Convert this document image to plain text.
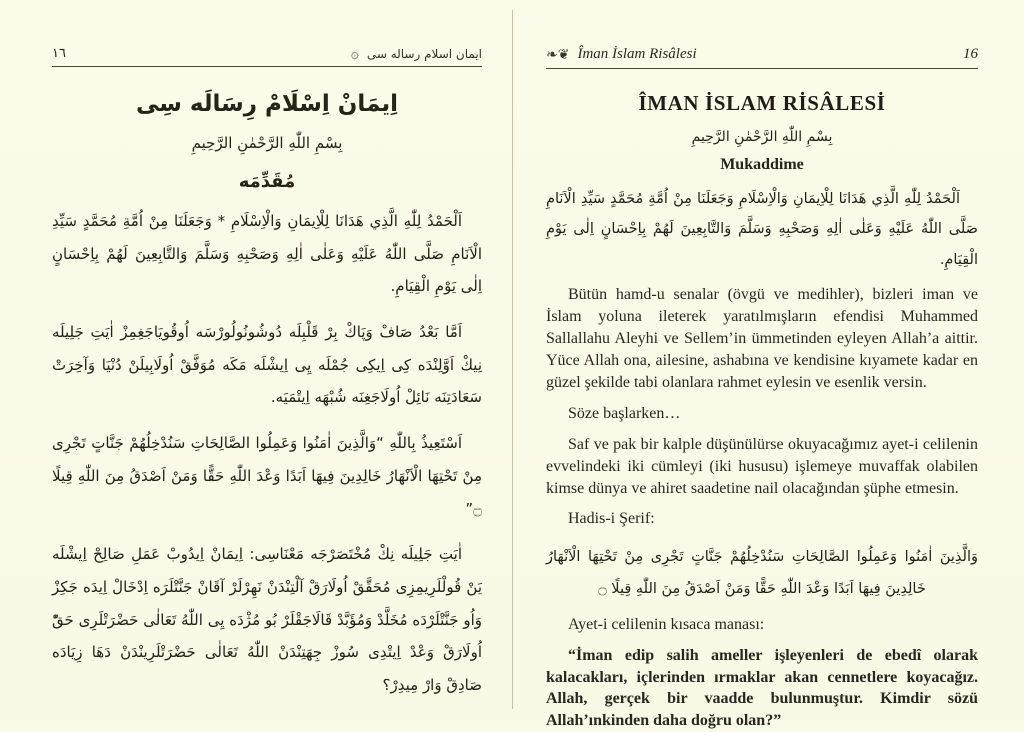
١٦	۞ ايمان اسلام رساله سى
اِيمَانْ اِسْلَامْ رِسَالَه سِى
بِسْمِ اللّٰهِ الرَّحْمٰنِ الرَّحِيمِ
مُقَدِّمَه

اَلْحَمْدُ لِلّٰهِ الَّذِي هَدَانَا لِلْاِيمَانِ وَالْاِسْلَامِ * وَجَعَلَنَا مِنْ اُمَّةِ مُحَمَّدٍ سَيِّدِ الْاَنَامِ صَلَّى اللّٰهُ عَلَيْهِ وَعَلٰى اٰلِهِ وَصَحْبِهِ وَسَلَّمَ وَالتَّابِعِينَ لَهُمْ بِاِحْسَانٍ اِلٰى يَوْمِ الْقِيَامِ.

اَمَّا بَعْدُ صَافْ وَپَاكْ بِرْ قَلْبِلَه دُوشُونُولُورْسَه اُوقُويَاجَغِمِزْ اٰيَتِ جَلِيلَه نِيكْ اَوَّلِنْدَه كِى اِيكِى جُمْلَه يِى اِيشْلَه مَكَه مُوَفَّقْ اُولَابِيلَنْ دُنْيَا وَآخِرَتْ سَعَادَتِنَه نَائِلْ اُولَاجَغِنَه شُبْهَه اِيتْمَيَه.

اَسْتَعِيذُ بِاللّٰهِ “وَالَّذِينَ اٰمَنُوا وَعَمِلُوا الصَّالِحَاتِ سَنُدْخِلُهُمْ جَنَّاتٍ تَجْرِى مِنْ تَحْتِهَا الْاَنْهَارُ خَالِدِينَ فِيهَا اَبَدًا وَعْدَ اللّٰهِ حَقًّا وَمَنْ اَصْدَقُ مِنَ اللّٰهِ قِيلًا ۝”

اٰيَتِ جَلِيلَه نِكْ مُخْتَصَرْجَه مَعْنَاسِى: اِيمَانْ اِيدُوبْ عَمَلِ صَالِحْ اِيشْلَه يَنْ قُولْلَرِيمِزِى مُحَقَّقْ اُولَارَقْ آلْتِنْدَنْ نَهِرْلَرْ آقَانْ جَنَّتْلَرَه اِدْخَالْ اِيدَه جَكِزْ وَاُو جَنَّتْلَرْدَه مُخَلَّدْ وَمُؤَبَّدْ قَالَاجَقْلَرْ بُو مُژْدَه يِى اللّٰهُ تَعَالٰى حَضْرَتْلَرِى حَقّْ اُولَارَقْ وَعْدْ اِيتْدِى سُوزْ جِهَتِنْدَنْ اللّٰهُ تَعَالٰى حَضْرَتْلَرِينْدَنْ دَهَا زِيَادَه صَادِقْ وَارْ مِيدِرْ؟

❧❦ Îman İslam Risâlesi	16
ÎMAN İSLAM RİSÂLESİ
بِسْمِ اللّٰهِ الرَّحْمٰنِ الرَّحِيمِ
Mukaddime

اَلْحَمْدُ لِلّٰهِ الَّذِي هَدَانَا لِلْاِيمَانِ وَالْاِسْلَامِ وَجَعَلَنَا مِنْ اُمَّةِ مُحَمَّدٍ سَيِّدِ الْاَنَامِ صَلَّى اللّٰهُ عَلَيْهِ وَعَلٰى اٰلِهِ وَصَحْبِهِ وَسَلَّمَ وَالتَّابِعِينَ لَهُمْ بِاِحْسَانٍ اِلٰى يَوْمِ الْقِيَامِ.

Bütün hamd-u senalar (övgü ve medihler), bizleri iman ve İslam yoluna ileterek yaratılmışların efendisi Muhammed Sallallahu Aleyhi ve Sellem’in ümmetinden eyleyen Allah’a aittir. Yüce Allah ona, ailesine, ashabına ve kendisine kıyamete kadar en güzel şekilde tabi olanlara rahmet eylesin ve esenlik versin.

Söze başlarken…

Saf ve pak bir kalple düşünülürse okuyacağımız ayet-i celilenin evvelindeki iki cümleyi (iki hususu) işlemeye muvaffak olabilen kimse dünya ve ahiret saadetine nail olacağından şüphe etmesin.

Hadis-i Şerif:

وَالَّذِينَ اٰمَنُوا وَعَمِلُوا الصَّالِحَاتِ سَنُدْخِلُهُمْ جَنَّاتٍ تَجْرِى مِنْ تَحْتِهَا الْاَنْهَارُ خَالِدِينَ فِيهَا اَبَدًا وَعْدَ اللّٰهِ حَقًّا وَمَنْ اَصْدَقُ مِنَ اللّٰهِ قِيلًا ۝

Ayet-i celilenin kısaca manası:

“İman edip salih ameller işleyenleri de ebedî olarak kalacakları, içlerinden ırmaklar akan cennetlere koyacağız. Allah, gerçek bir vaadde bulunmuştur. Kimdir sözü Allah’ınkinden daha doğru olan?”
